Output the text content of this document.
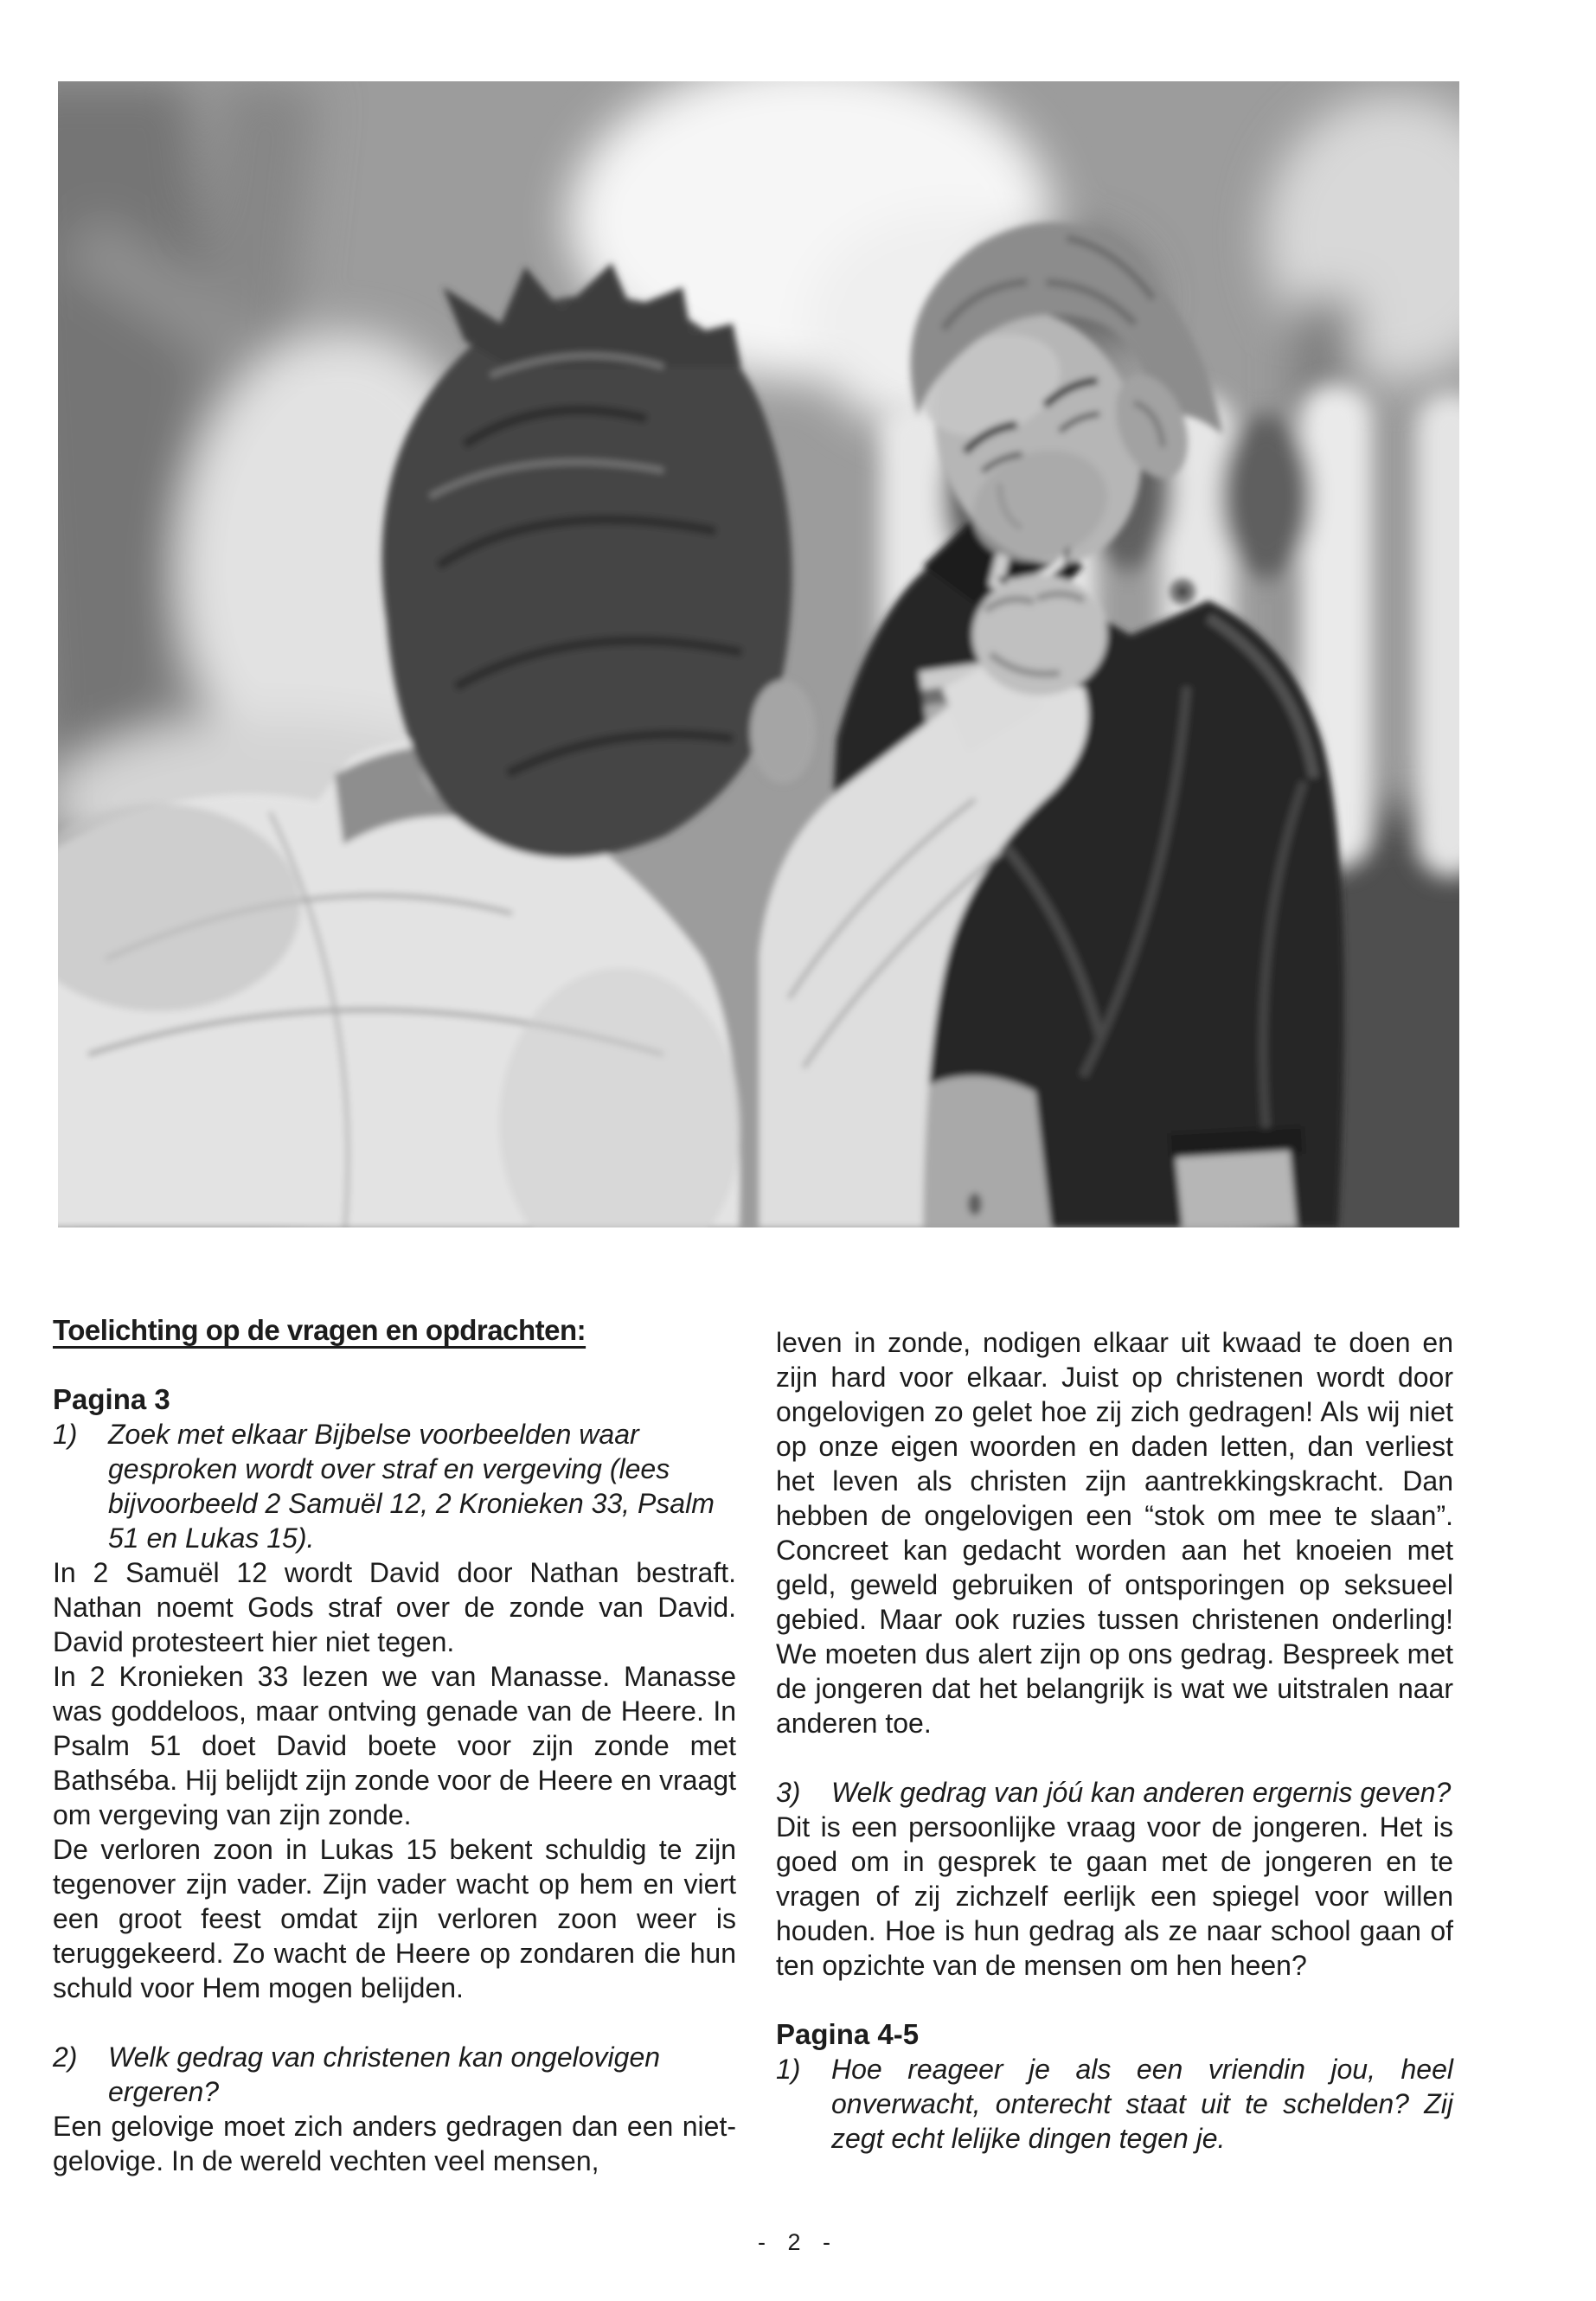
Toelichting op de vragen en opdrachten:

Pagina 3

1)	Zoek met elkaar Bijbelse voorbeelden waar gesproken wordt over straf en vergeving (lees bijvoorbeeld 2 Samuël 12, 2 Kronieken 33, Psalm 51 en Lukas 15).

In 2 Samuël 12 wordt David door Nathan bestraft. Nathan noemt Gods straf over de zonde van David. David protesteert hier niet tegen.

In 2 Kronieken 33 lezen we van Manasse. Manasse was goddeloos, maar ontving genade van de Heere. In Psalm 51 doet David boete voor zijn zonde met Bathséba. Hij belijdt zijn zonde voor de Heere en vraagt om vergeving van zijn zonde.

De verloren zoon in Lukas 15 bekent schuldig te zijn tegenover zijn vader. Zijn vader wacht op hem en viert een groot feest omdat zijn verloren zoon weer is teruggekeerd. Zo wacht de Heere op zondaren die hun schuld voor Hem mogen belijden.

2)	Welk gedrag van christenen kan ongelovigen ergeren?

Een gelovige moet zich anders gedragen dan een niet-gelovige. In de wereld vechten veel mensen,

leven in zonde, nodigen elkaar uit kwaad te doen en zijn hard voor elkaar. Juist op christenen wordt door ongelovigen zo gelet hoe zij zich gedragen! Als wij niet op onze eigen woorden en daden letten, dan verliest het leven als christen zijn aantrekkingskracht. Dan hebben de ongelovigen een “stok om mee te slaan”. Concreet kan gedacht worden aan het knoeien met geld, geweld gebruiken of ontsporingen op seksueel gebied. Maar ook ruzies tussen christenen onderling! We moeten dus alert zijn op ons gedrag. Bespreek met de jongeren dat het belangrijk is wat we uitstralen naar anderen toe.

3)	Welk gedrag van jóú kan anderen ergernis geven?

Dit is een persoonlijke vraag voor de jongeren. Het is goed om in gesprek te gaan met de jongeren en te vragen of zij zichzelf eerlijk een spiegel voor willen houden. Hoe is hun gedrag als ze naar school gaan of ten opzichte van de mensen om hen heen?

Pagina 4-5

1)	Hoe reageer je als een vriendin jou, heel onverwacht, onterecht staat uit te schelden? Zij zegt echt lelijke dingen tegen je.
- 2 -
